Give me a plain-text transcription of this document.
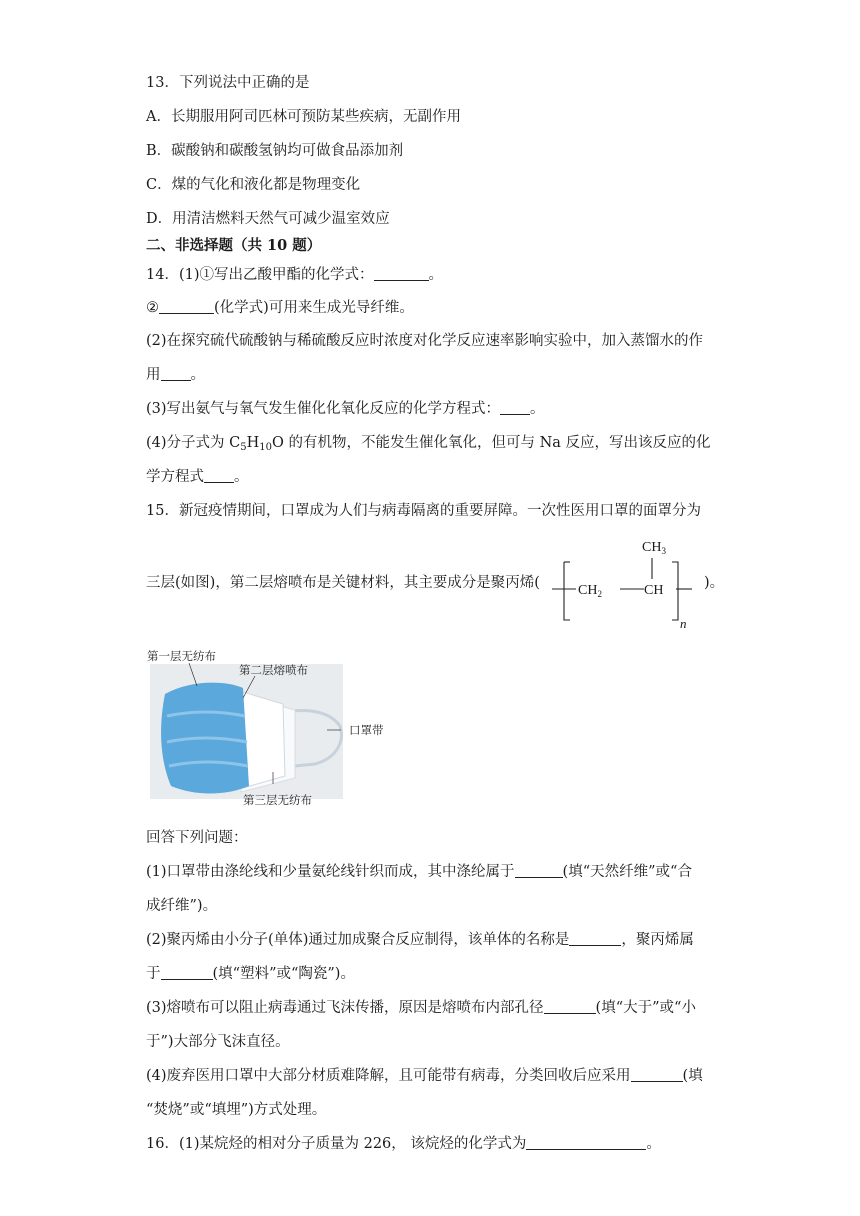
13．下列说法中正确的是
A．长期服用阿司匹林可预防某些疾病，无副作用
B．碳酸钠和碳酸氢钠均可做食品添加剂
C．煤的气化和液化都是物理变化
D．用清洁燃料天然气可减少温室效应
二、非选择题（共 10 题）
14．(1)①写出乙酸甲酯的化学式：	。
②	(化学式)可用来生成光导纤维。
(2)在探究硫代硫酸钠与稀硫酸反应时浓度对化学反应速率影响实验中，加入蒸馏水的作
用 。
(3)写出氨气与氧气发生催化化氧化反应的化学方程式： 。
(4)分子式为 $C_5H_{10}O$ 的有机物，不能发生催化氧化，但可与 Na 反应，写出该反应的化
学方程式 。
15．新冠疫情期间，口罩成为人们与病毒隔离的重要屏障。一次性医用口罩的面罩分为
三层(如图)，第二层熔喷布是关键材料，其主要成分是聚丙烯(	)。
$CH_3$
$CH_2$	CH
n
第一层无纺布
第二层熔喷布
口罩带
第三层无纺布
回答下列问题：
(1)口罩带由涤纶线和少量氨纶线针织而成，其中涤纶属于	(填“天然纤维”或“合
成纤维”)。
(2)聚丙烯由小分子(单体)通过加成聚合反应制得，该单体的名称是	，聚丙烯属
于	(填“塑料”或“陶瓷”)。
(3)熔喷布可以阻止病毒通过飞沫传播，原因是熔喷布内部孔径	(填“大于”或“小
于”)大部分飞沫直径。
(4)废弃医用口罩中大部分材质难降解，且可能带有病毒，分类回收后应采用	(填
“焚烧”或“填埋”)方式处理。
16．(1)某烷烃的相对分子质量为 226， 该烷烃的化学式为	。
